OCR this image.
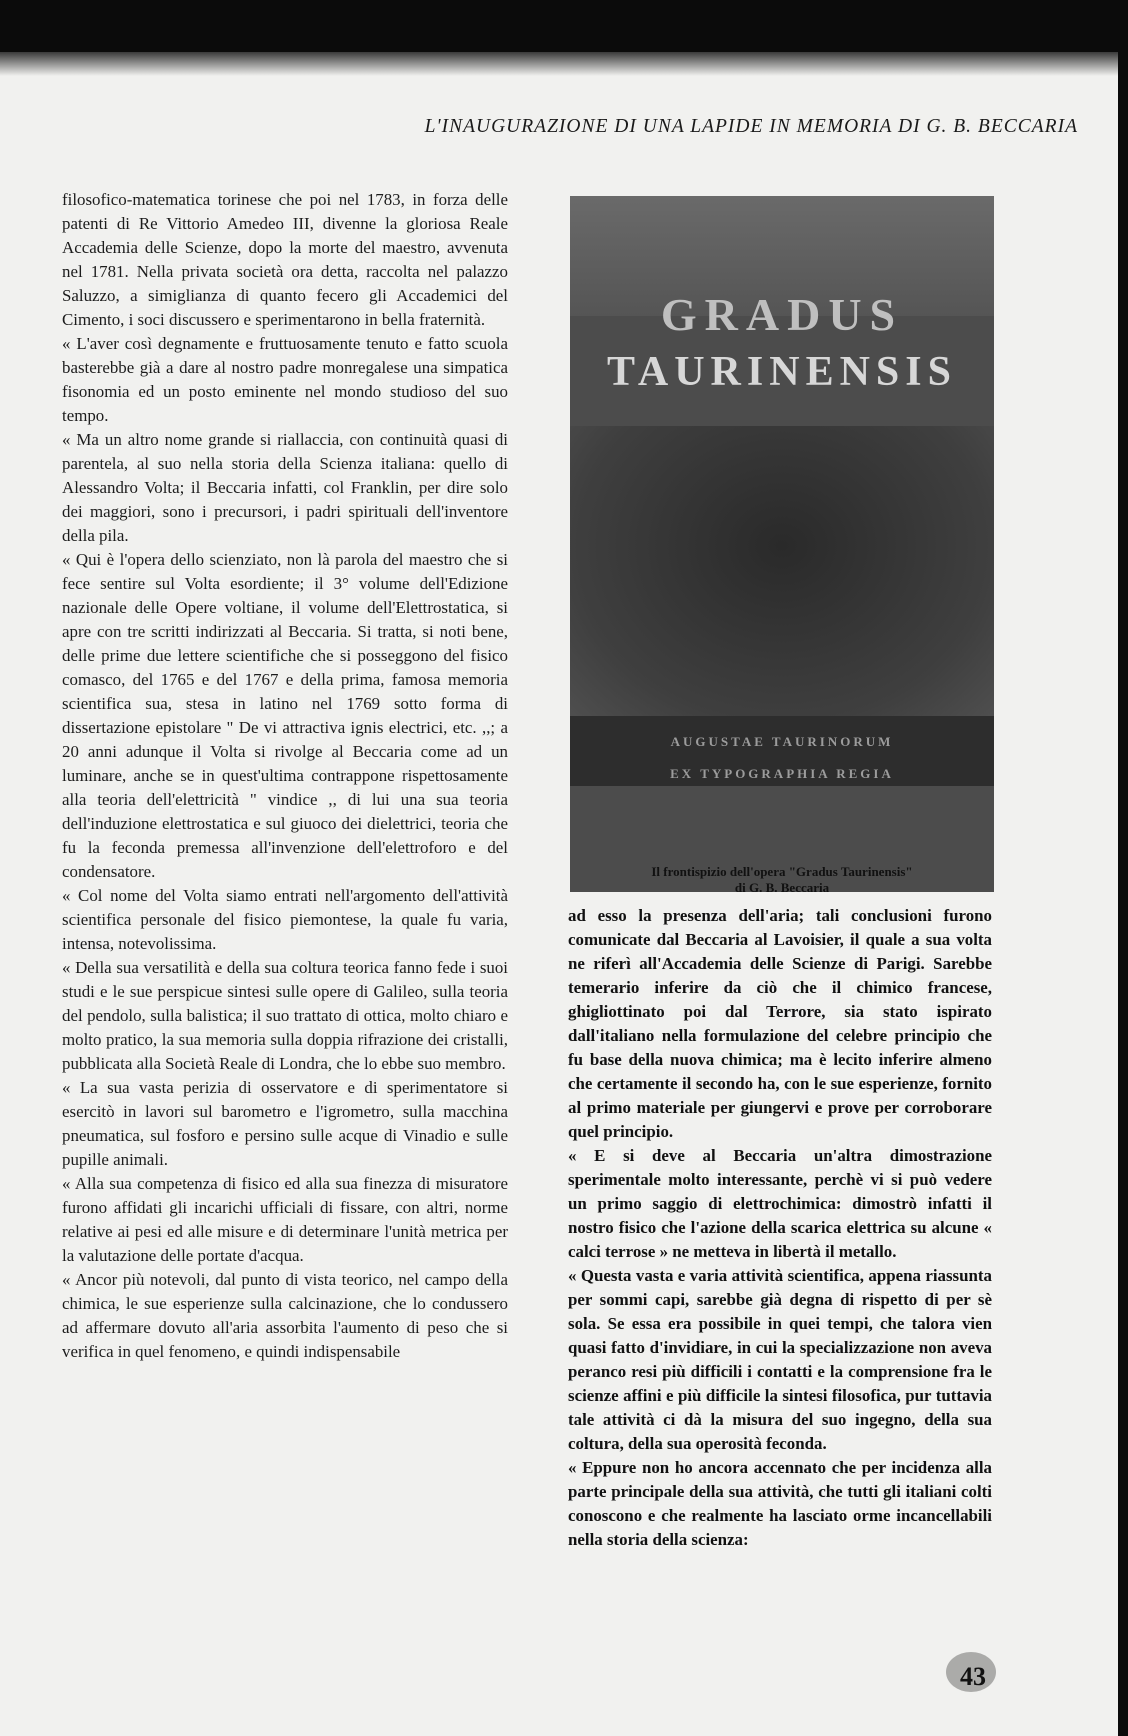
L'INAUGURAZIONE DI UNA LAPIDE IN MEMORIA DI G. B. BECCARIA

filosofico-matematica torinese che poi nel 1783, in forza delle patenti di Re Vittorio Amedeo III, divenne la gloriosa Reale Accademia delle Scienze, dopo la morte del maestro, avvenuta nel 1781. Nella privata società ora detta, raccolta nel palazzo Saluzzo, a simiglianza di quanto fecero gli Accademici del Cimento, i soci discussero e sperimentarono in bella fraternità.

« L'aver così degnamente e fruttuosamente tenuto e fatto scuola basterebbe già a dare al nostro padre monregalese una simpatica fisonomia ed un posto eminente nel mondo studioso del suo tempo.

« Ma un altro nome grande si riallaccia, con continuità quasi di parentela, al suo nella storia della Scienza italiana: quello di Alessandro Volta; il Beccaria infatti, col Franklin, per dire solo dei maggiori, sono i precursori, i padri spirituali dell'inventore della pila.

« Qui è l'opera dello scienziato, non là parola del maestro che si fece sentire sul Volta esordiente; il 3° volume dell'Edizione nazionale delle Opere voltiane, il volume dell'Elettrostatica, si apre con tre scritti indirizzati al Beccaria. Si tratta, si noti bene, delle prime due lettere scientifiche che si posseggono del fisico comasco, del 1765 e del 1767 e della prima, famosa memoria scientifica sua, stesa in latino nel 1769 sotto forma di dissertazione epistolare " De vi attractiva ignis electrici, etc. ,,; a 20 anni adunque il Volta si rivolge al Beccaria come ad un luminare, anche se in quest'ultima contrappone rispettosamente alla teoria dell'elettricità " vindice ,, di lui una sua teoria dell'induzione elettrostatica e sul giuoco dei dielettrici, teoria che fu la feconda premessa all'invenzione dell'elettroforo e del condensatore.

« Col nome del Volta siamo entrati nell'argomento dell'attività scientifica personale del fisico piemontese, la quale fu varia, intensa, notevolissima.

« Della sua versatilità e della sua coltura teorica fanno fede i suoi studi e le sue perspicue sintesi sulle opere di Galileo, sulla teoria del pendolo, sulla balistica; il suo trattato di ottica, molto chiaro e molto pratico, la sua memoria sulla doppia rifrazione dei cristalli, pubblicata alla Società Reale di Londra, che lo ebbe suo membro.

« La sua vasta perizia di osservatore e di sperimentatore si esercitò in lavori sul barometro e l'igrometro, sulla macchina pneumatica, sul fosforo e persino sulle acque di Vinadio e sulle pupille animali.

« Alla sua competenza di fisico ed alla sua finezza di misuratore furono affidati gli incarichi ufficiali di fissare, con altri, norme relative ai pesi ed alle misure e di determinare l'unità metrica per la valutazione delle portate d'acqua.

« Ancor più notevoli, dal punto di vista teorico, nel campo della chimica, le sue esperienze sulla calcinazione, che lo condussero ad affermare dovuto all'aria assorbita l'aumento di peso che si verifica in quel fenomeno, e quindi indispensabile

GRADUS
TAURINENSIS
AUGUSTAE TAURINORUM
EX TYPOGRAPHIA REGIA
Il frontispizio dell'opera "Gradus Taurinensis"
di G. B. Beccaria

ad esso la presenza dell'aria; tali conclusioni furono comunicate dal Beccaria al Lavoisier, il quale a sua volta ne riferì all'Accademia delle Scienze di Parigi. Sarebbe temerario inferire da ciò che il chimico francese, ghigliottinato poi dal Terrore, sia stato ispirato dall'italiano nella formulazione del celebre principio che fu base della nuova chimica; ma è lecito inferire almeno che certamente il secondo ha, con le sue esperienze, fornito al primo materiale per giungervi e prove per corroborare quel principio.

« E si deve al Beccaria un'altra dimostrazione sperimentale molto interessante, perchè vi si può vedere un primo saggio di elettrochimica: dimostrò infatti il nostro fisico che l'azione della scarica elettrica su alcune « calci terrose » ne metteva in libertà il metallo.

« Questa vasta e varia attività scientifica, appena riassunta per sommi capi, sarebbe già degna di rispetto di per sè sola. Se essa era possibile in quei tempi, che talora vien quasi fatto d'invidiare, in cui la specializzazione non aveva peranco resi più difficili i contatti e la comprensione fra le scienze affini e più difficile la sintesi filosofica, pur tuttavia tale attività ci dà la misura del suo ingegno, della sua coltura, della sua operosità feconda.

« Eppure non ho ancora accennato che per incidenza alla parte principale della sua attività, che tutti gli italiani colti conoscono e che realmente ha lasciato orme incancellabili nella storia della scienza:

43
